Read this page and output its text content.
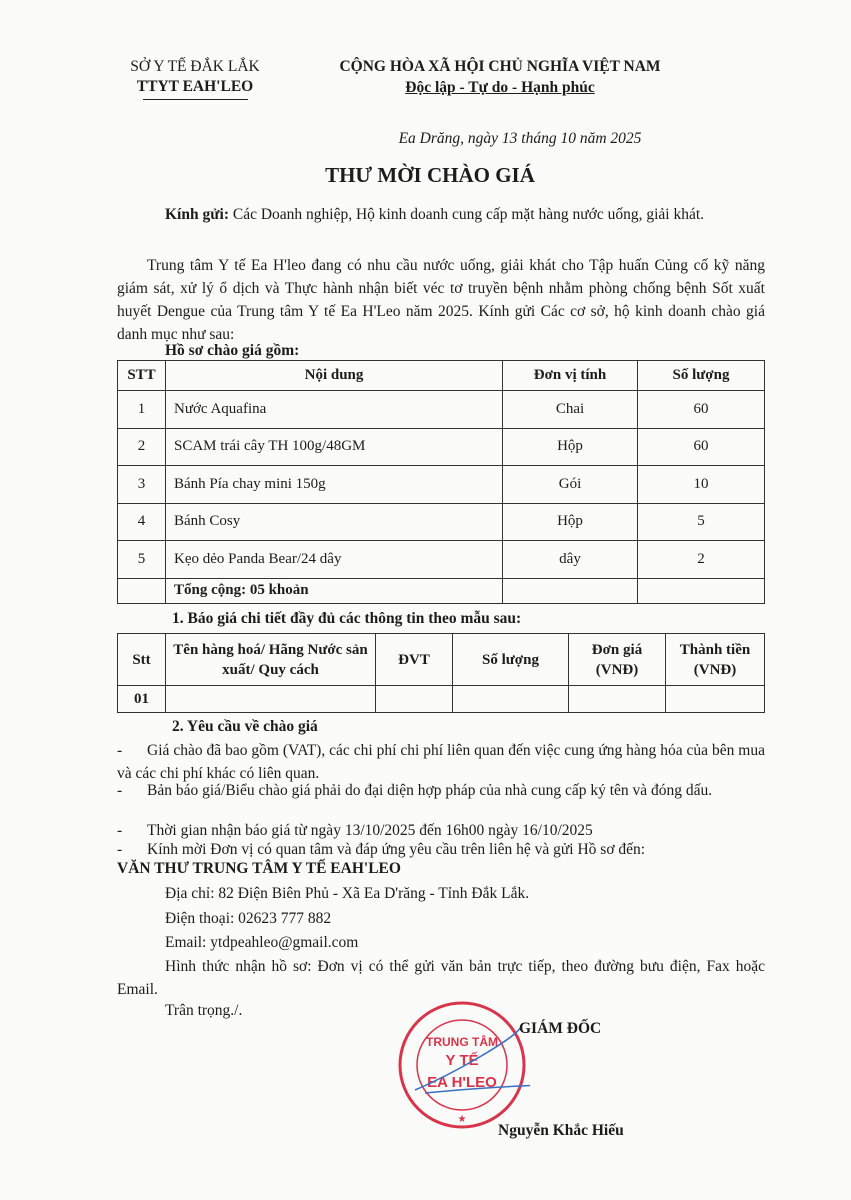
SỞ Y TẾ ĐẮK LẮK
TTYT EAH'LEO
CỘNG HÒA XÃ HỘI CHỦ NGHĨA VIỆT NAM
Độc lập - Tự do - Hạnh phúc
Ea Drăng, ngày 13 tháng 10 năm 2025
THƯ MỜI CHÀO GIÁ

Kính gửi: Các Doanh nghiệp, Hộ kinh doanh cung cấp mặt hàng nước uống, giải khát.

Trung tâm Y tế Ea H'leo đang có nhu cầu nước uống, giải khát cho Tập huấn Củng cố kỹ năng giám sát, xử lý ổ dịch và Thực hành nhận biết véc tơ truyền bệnh nhằm phòng chống bệnh Sốt xuất huyết Dengue của Trung tâm Y tế Ea H'Leo năm 2025. Kính gửi Các cơ sở, hộ kinh doanh chào giá danh mục như sau:

Hồ sơ chào giá gồm:
STT	Nội dung	Đơn vị tính	Số lượng
1	Nước Aquafina	Chai	60
2	SCAM trái cây TH 100g/48GM	Hộp	60
3	Bánh Pía chay mini 150g	Gói	10
4	Bánh Cosy	Hộp	5
5	Kẹo dẻo Panda Bear/24 dây	dây	2
	Tổng cộng: 05 khoản		
1. Báo giá chi tiết đầy đủ các thông tin theo mẫu sau:
Stt	Tên hàng hoá/ Hãng Nước sản xuất/ Quy cách	ĐVT	Số lượng	Đơn giá (VNĐ)	Thành tiền (VNĐ)
01					
2. Yêu cầu về chào giá

- Giá chào đã bao gồm (VAT), các chi phí chi phí liên quan đến việc cung ứng hàng hóa của bên mua và các chi phí khác có liên quan.

- Bản báo giá/Biểu chào giá phải do đại diện hợp pháp của nhà cung cấp ký tên và đóng dấu.

- Thời gian nhận báo giá từ ngày 13/10/2025 đến 16h00 ngày 16/10/2025

- Kính mời Đơn vị có quan tâm và đáp ứng yêu cầu trên liên hệ và gửi Hồ sơ đến:

VĂN THƯ TRUNG TÂM Y TẾ EAH'LEO
Địa chỉ: 82 Điện Biên Phủ - Xã Ea D'răng - Tỉnh Đắk Lắk.
Điện thoại: 02623 777 882
Email: ytdpeahleo@gmail.com

Hình thức nhận hồ sơ: Đơn vị có thể gửi văn bản trực tiếp, theo đường bưu điện, Fax hoặc Email.

Trân trọng./.
TRUNG TÂM
Y TẾ
EA H'LEO
★
GIÁM ĐỐC
Nguyễn Khắc Hiếu
